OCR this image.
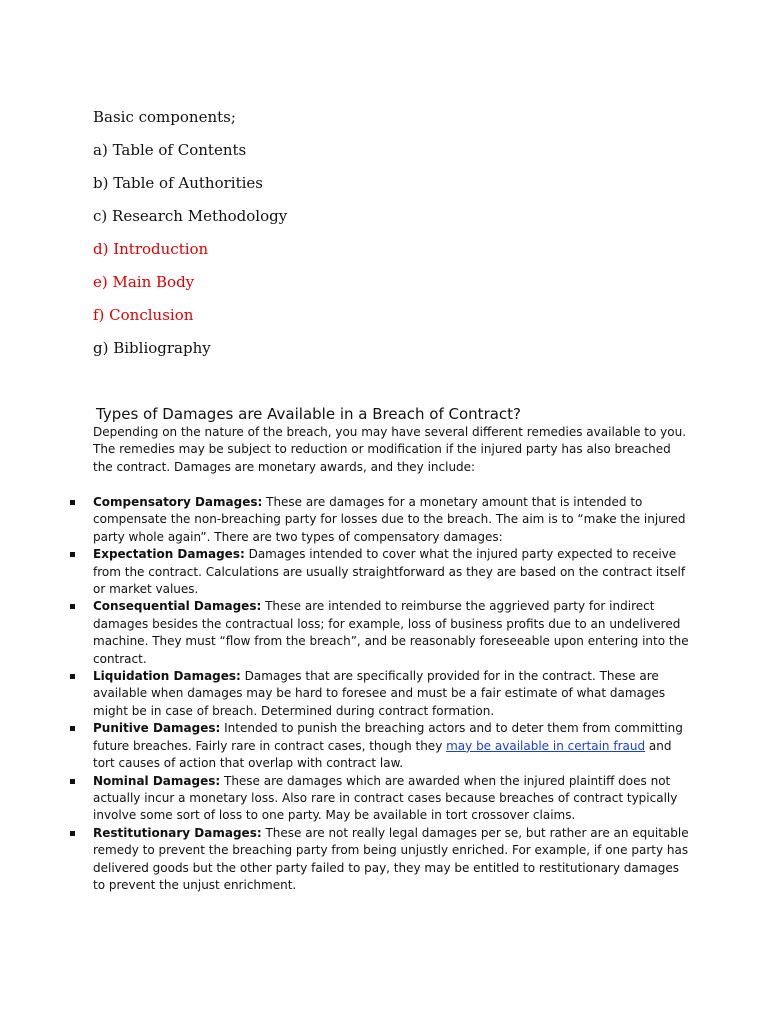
Basic components;
a) Table of Contents
b) Table of Authorities
c) Research Methodology
d) Introduction
e) Main Body
f) Conclusion
g) Bibliography
Types of Damages are Available in a Breach of Contract?
Depending on the nature of the breach, you may have several different remedies available to you. The remedies may be subject to reduction or modification if the injured party has also breached the contract. Damages are monetary awards, and they include:
Compensatory Damages: These are damages for a monetary amount that is intended to compensate the non-breaching party for losses due to the breach. The aim is to “make the injured party whole again”. There are two types of compensatory damages:
Expectation Damages: Damages intended to cover what the injured party expected to receive from the contract. Calculations are usually straightforward as they are based on the contract itself or market values.
Consequential Damages: These are intended to reimburse the aggrieved party for indirect damages besides the contractual loss; for example, loss of business profits due to an undelivered machine. They must “flow from the breach”, and be reasonably foreseeable upon entering into the contract.
Liquidation Damages: Damages that are specifically provided for in the contract. These are available when damages may be hard to foresee and must be a fair estimate of what damages might be in case of breach. Determined during contract formation.
Punitive Damages: Intended to punish the breaching actors and to deter them from committing future breaches. Fairly rare in contract cases, though they may be available in certain fraud and tort causes of action that overlap with contract law.
Nominal Damages: These are damages which are awarded when the injured plaintiff does not actually incur a monetary loss. Also rare in contract cases because breaches of contract typically involve some sort of loss to one party. May be available in tort crossover claims.
Restitutionary Damages: These are not really legal damages per se, but rather are an equitable remedy to prevent the breaching party from being unjustly enriched. For example, if one party has delivered goods but the other party failed to pay, they may be entitled to restitutionary damages to prevent the unjust enrichment.
